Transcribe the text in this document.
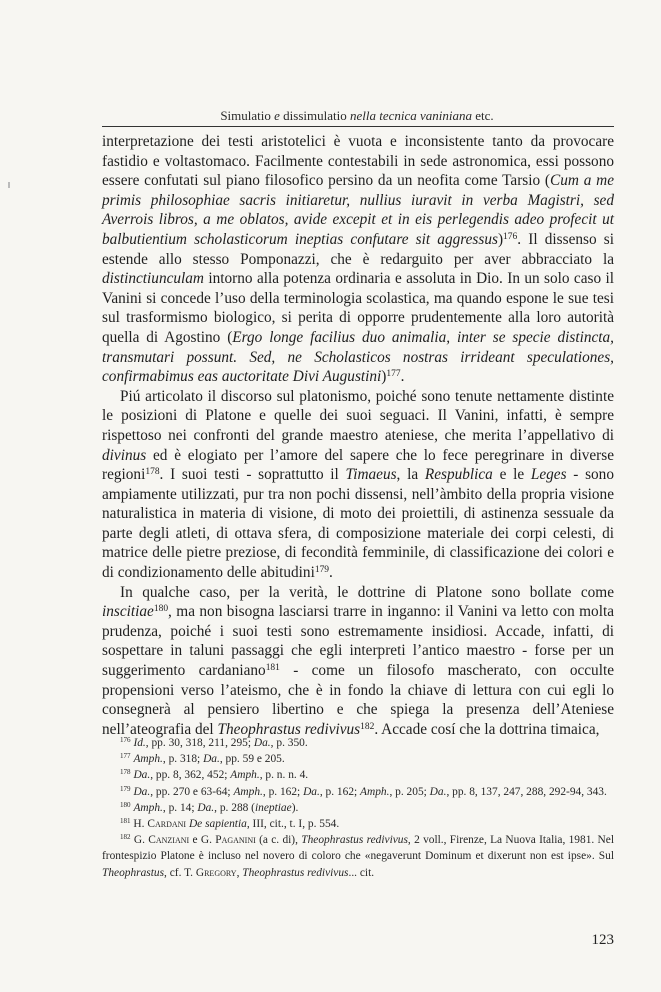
Simulatio e dissimulatio nella tecnica vaniniana etc.

interpretazione dei testi aristotelici è vuota e inconsistente tanto da provocare fastidio e voltastomaco. Facilmente contestabili in sede astronomica, essi possono essere confutati sul piano filosofico persino da un neofita come Tarsio (Cum a me primis philosophiae sacris initiaretur, nullius iuravit in verba Magistri, sed Averrois libros, a me oblatos, avide excepit et in eis perlegendis adeo profecit ut balbutientium scholasticorum ineptias confutare sit aggressus)$^{176}$. Il dissenso si estende allo stesso Pomponazzi, che è redarguito per aver abbracciato la distinctiunculam intorno alla potenza ordinaria e assoluta in Dio. In un solo caso il Vanini si concede l’uso della terminologia scolastica, ma quando espone le sue tesi sul trasformismo biologico, si perita di opporre prudentemente alla loro autorità quella di Agostino (Ergo longe facilius duo animalia, inter se specie distincta, transmutari possunt. Sed, ne Scholasticos nostras irrideant speculationes, confirmabimus eas auctoritate Divi Augustini)$^{177}$.

Piú articolato il discorso sul platonismo, poiché sono tenute nettamente distinte le posizioni di Platone e quelle dei suoi seguaci. Il Vanini, infatti, è sempre rispettoso nei confronti del grande maestro ateniese, che merita l’appellativo di divinus ed è elogiato per l’amore del sapere che lo fece peregrinare in diverse regioni$^{178}$. I suoi testi - soprattutto il Timaeus, la Respublica e le Leges - sono ampiamente utilizzati, pur tra non pochi dissensi, nell’àmbito della propria visione naturalistica in materia di visione, di moto dei proiettili, di astinenza sessuale da parte degli atleti, di ottava sfera, di composizione materiale dei corpi celesti, di matrice delle pietre preziose, di fecondità femminile, di classificazione dei colori e di condizionamento delle abitudini$^{179}$.

In qualche caso, per la verità, le dottrine di Platone sono bollate come inscitiae$^{180}$, ma non bisogna lasciarsi trarre in inganno: il Vanini va letto con molta prudenza, poiché i suoi testi sono estremamente insidiosi. Accade, infatti, di sospettare in taluni passaggi che egli interpreti l’antico maestro - forse per un suggerimento cardaniano$^{181}$ - come un filosofo mascherato, con occulte propensioni verso l’ateismo, che è in fondo la chiave di lettura con cui egli lo consegnerà al pensiero libertino e che spiega la presenza dell’Ateniese nell’ateografia del Theophrastus redivivus$^{182}$. Accade cosí che la dottrina timaica,

$^{176}$ Id., pp. 30, 318, 211, 295; Da., p. 350.

$^{177}$ Amph., p. 318; Da., pp. 59 e 205.

$^{178}$ Da., pp. 8, 362, 452; Amph., p. n. n. 4.

$^{179}$ Da., pp. 270 e 63-64; Amph., p. 162; Da., p. 162; Amph., p. 205; Da., pp. 8, 137, 247, 288, 292-94, 343.

$^{180}$ Amph., p. 14; Da., p. 288 (ineptiae).

$^{181}$ H. Cardani De sapientia, III, cit., t. I, p. 554.

$^{182}$ G. Canziani e G. Paganini (a c. di), Theophrastus redivivus, 2 voll., Firenze, La Nuova Italia, 1981. Nel frontespizio Platone è incluso nel novero di coloro che «negaverunt Dominum et dixerunt non est ipse». Sul Theophrastus, cf. T. Gregory, Theophrastus redivivus... cit.

123
